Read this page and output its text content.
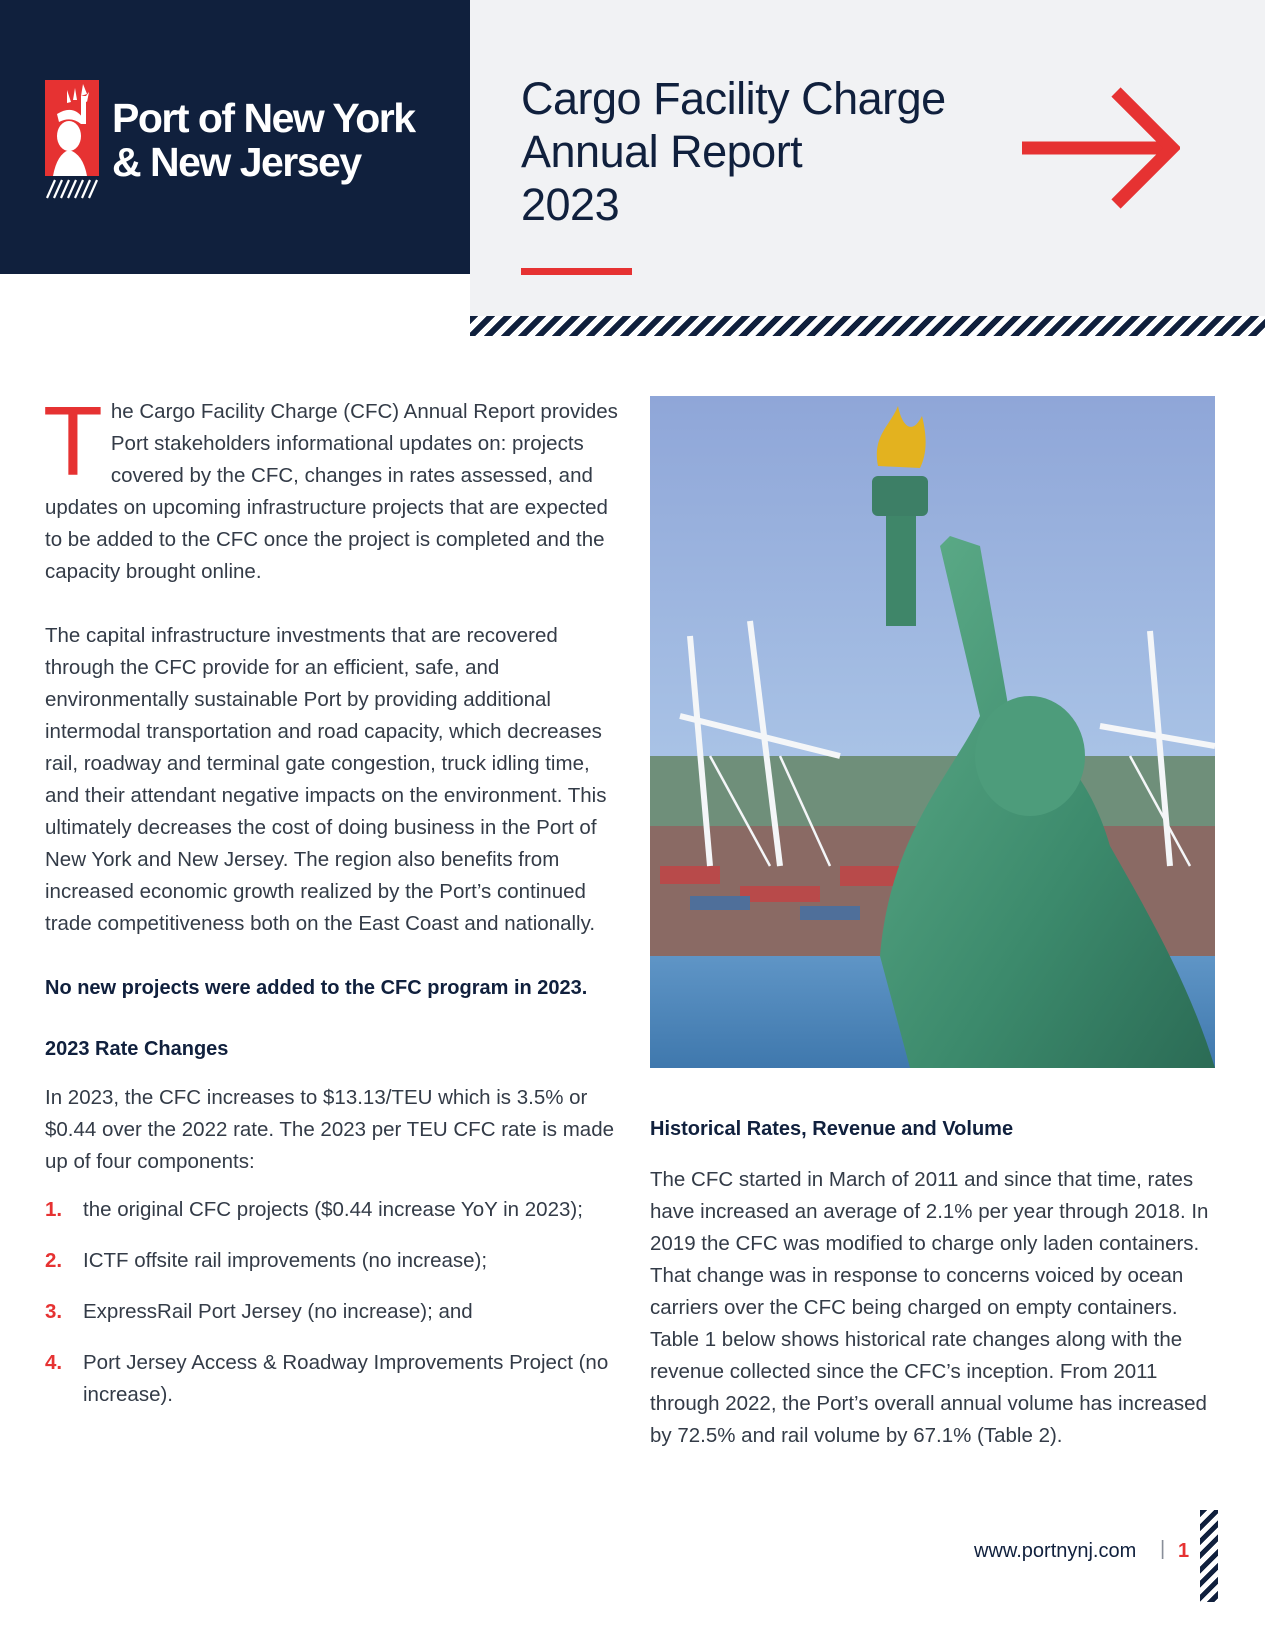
Port of New York
& New Jersey
Cargo Facility Charge
Annual Report
2023

The Cargo Facility Charge (CFC) Annual Report provides Port stakeholders informational updates on: projects covered by the CFC, changes in rates assessed, and updates on upcoming infrastructure projects that are expected to be added to the CFC once the project is completed and the capacity brought online.

The capital infrastructure investments that are recovered through the CFC provide for an efficient, safe, and environmentally sustainable Port by providing additional intermodal transportation and road capacity, which decreases rail, roadway and terminal gate congestion, truck idling time, and their attendant negative impacts on the environment. This ultimately decreases the cost of doing business in the Port of New York and New Jersey. The region also benefits from increased economic growth realized by the Port’s continued trade competitiveness both on the East Coast and nationally.

No new projects were added to the CFC program in 2023.

2023 Rate Changes

In 2023, the CFC increases to $13.13/TEU which is 3.5% or $0.44 over the 2022 rate. The 2023 per TEU CFC rate is made up of four components:

1. the original CFC projects ($0.44 increase YoY in 2023);
2. ICTF offsite rail improvements (no increase);
3. ExpressRail Port Jersey (no increase); and
4. Port Jersey Access & Roadway Improvements Project (no increase).
Historical Rates, Revenue and Volume

The CFC started in March of 2011 and since that time, rates have increased an average of 2.1% per year through 2018. In 2019 the CFC was modified to charge only laden containers. That change was in response to concerns voiced by ocean carriers over the CFC being charged on empty containers. Table 1 below shows historical rate changes along with the revenue collected since the CFC’s inception. From 2011 through 2022, the Port’s overall annual volume has increased by 72.5% and rail volume by 67.1% (Table 2).

www.portnynj.com | 1
